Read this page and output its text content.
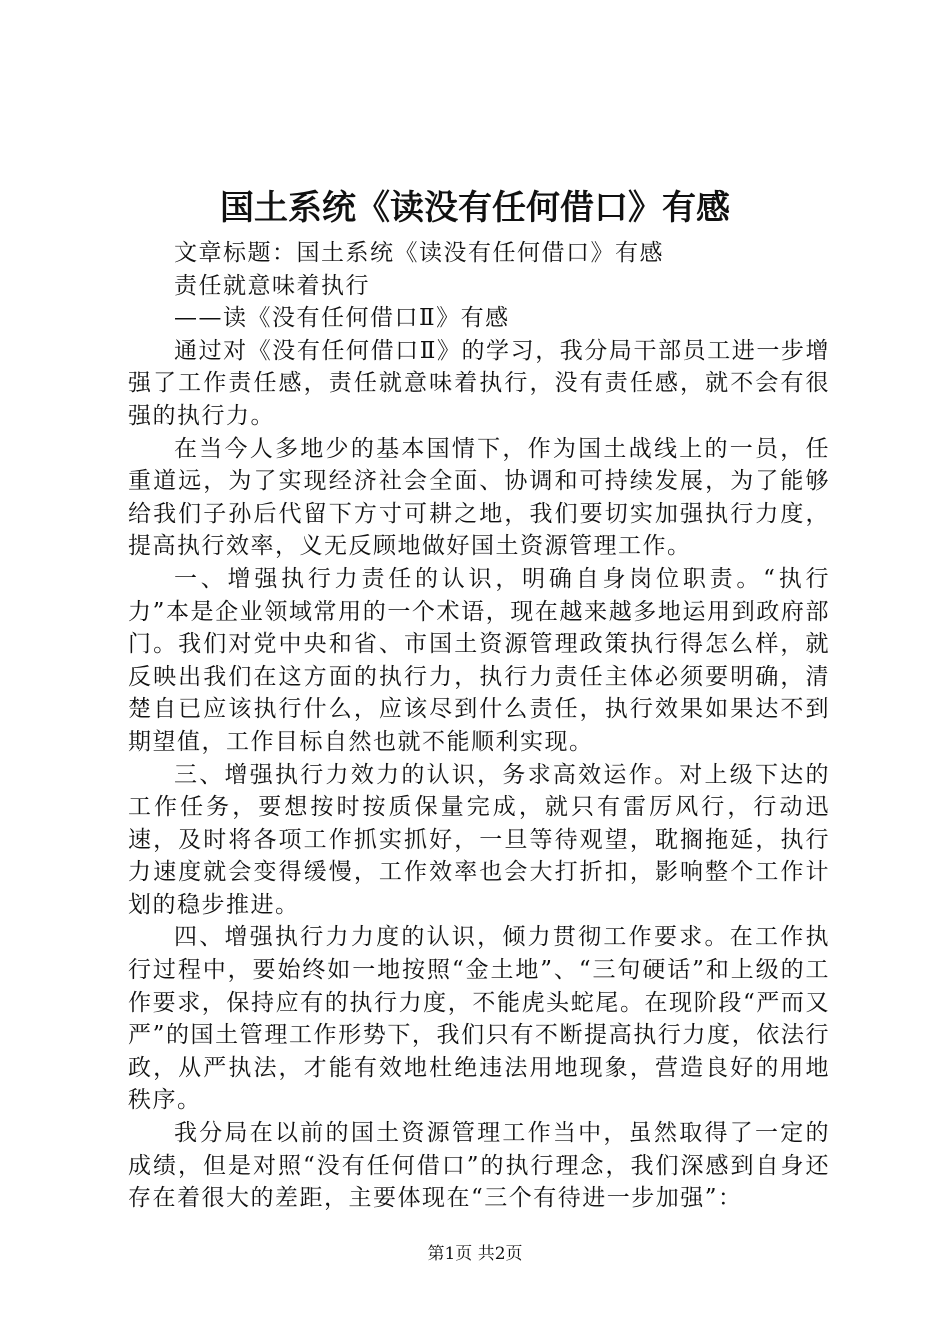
国土系统《读没有任何借口》有感

文章标题：国土系统《读没有任何借口》有感

责任就意味着执行

——读《没有任何借口Ⅱ》有感

通过对《没有任何借口Ⅱ》的学习，我分局干部员工进一步增强了工作责任感，责任就意味着执行，没有责任感，就不会有很强的执行力。

在当今人多地少的基本国情下，作为国土战线上的一员，任重道远，为了实现经济社会全面、协调和可持续发展，为了能够给我们子孙后代留下方寸可耕之地，我们要切实加强执行力度，提高执行效率，义无反顾地做好国土资源管理工作。

一、增强执行力责任的认识，明确自身岗位职责。“执行力”本是企业领域常用的一个术语，现在越来越多地运用到政府部门。我们对党中央和省、市国土资源管理政策执行得怎么样，就反映出我们在这方面的执行力，执行力责任主体必须要明确，清楚自已应该执行什么，应该尽到什么责任，执行效果如果达不到期望值，工作目标自然也就不能顺利实现。

三、增强执行力效力的认识，务求高效运作。对上级下达的工作任务，要想按时按质保量完成，就只有雷厉风行，行动迅速，及时将各项工作抓实抓好，一旦等待观望，耽搁拖延，执行力速度就会变得缓慢，工作效率也会大打折扣，影响整个工作计划的稳步推进。

四、增强执行力力度的认识，倾力贯彻工作要求。在工作执行过程中，要始终如一地按照“金土地”、“三句硬话”和上级的工作要求，保持应有的执行力度，不能虎头蛇尾。在现阶段“严而又严”的国土管理工作形势下，我们只有不断提高执行力度，依法行政，从严执法，才能有效地杜绝违法用地现象，营造良好的用地秩序。

我分局在以前的国土资源管理工作当中，虽然取得了一定的成绩，但是对照“没有任何借口”的执行理念，我们深感到自身还存在着很大的差距，主要体现在“三个有待进一步加强”：

第1页 共2页
